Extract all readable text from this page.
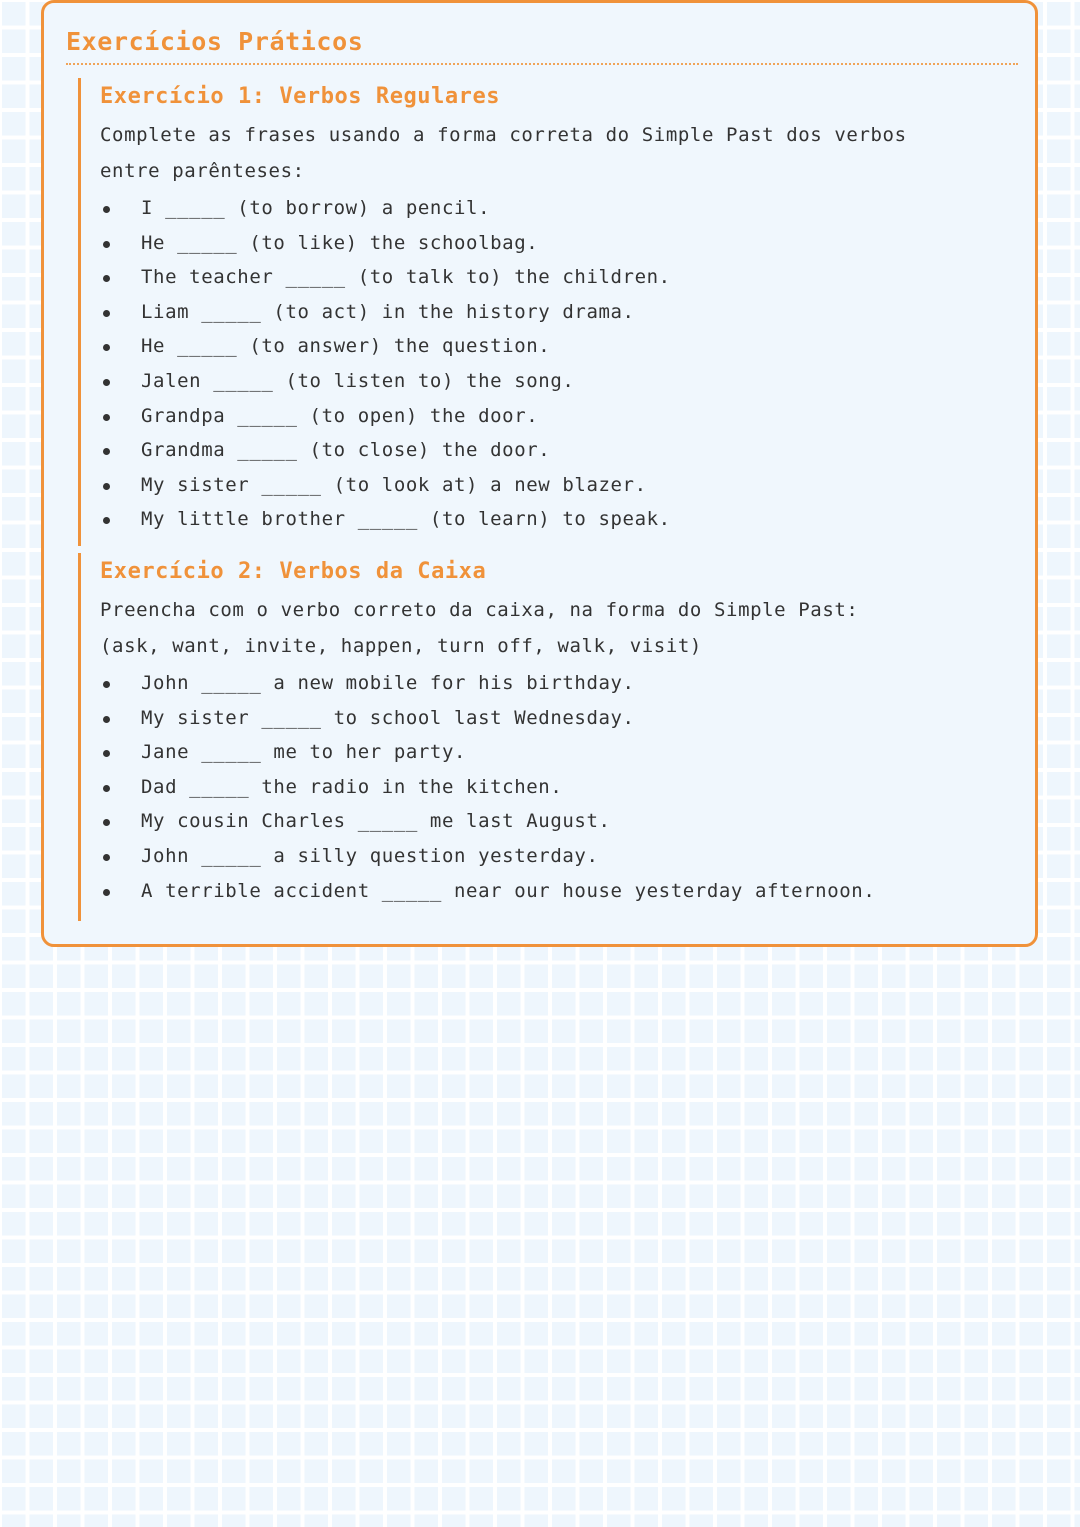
Exercícios Práticos
Exercício 1: Verbos Regulares

Complete as frases usando a forma correta do Simple Past dos verbos
entre parênteses:

I _____ (to borrow) a pencil.
He _____ (to like) the schoolbag.
The teacher _____ (to talk to) the children.
Liam _____ (to act) in the history drama.
He _____ (to answer) the question.
Jalen _____ (to listen to) the song.
Grandpa _____ (to open) the door.
Grandma _____ (to close) the door.
My sister _____ (to look at) a new blazer.
My little brother _____ (to learn) to speak.
Exercício 2: Verbos da Caixa

Preencha com o verbo correto da caixa, na forma do Simple Past:
(ask, want, invite, happen, turn off, walk, visit)

John _____ a new mobile for his birthday.
My sister _____ to school last Wednesday.
Jane _____ me to her party.
Dad _____ the radio in the kitchen.
My cousin Charles _____ me last August.
John _____ a silly question yesterday.
A terrible accident _____ near our house yesterday afternoon.
